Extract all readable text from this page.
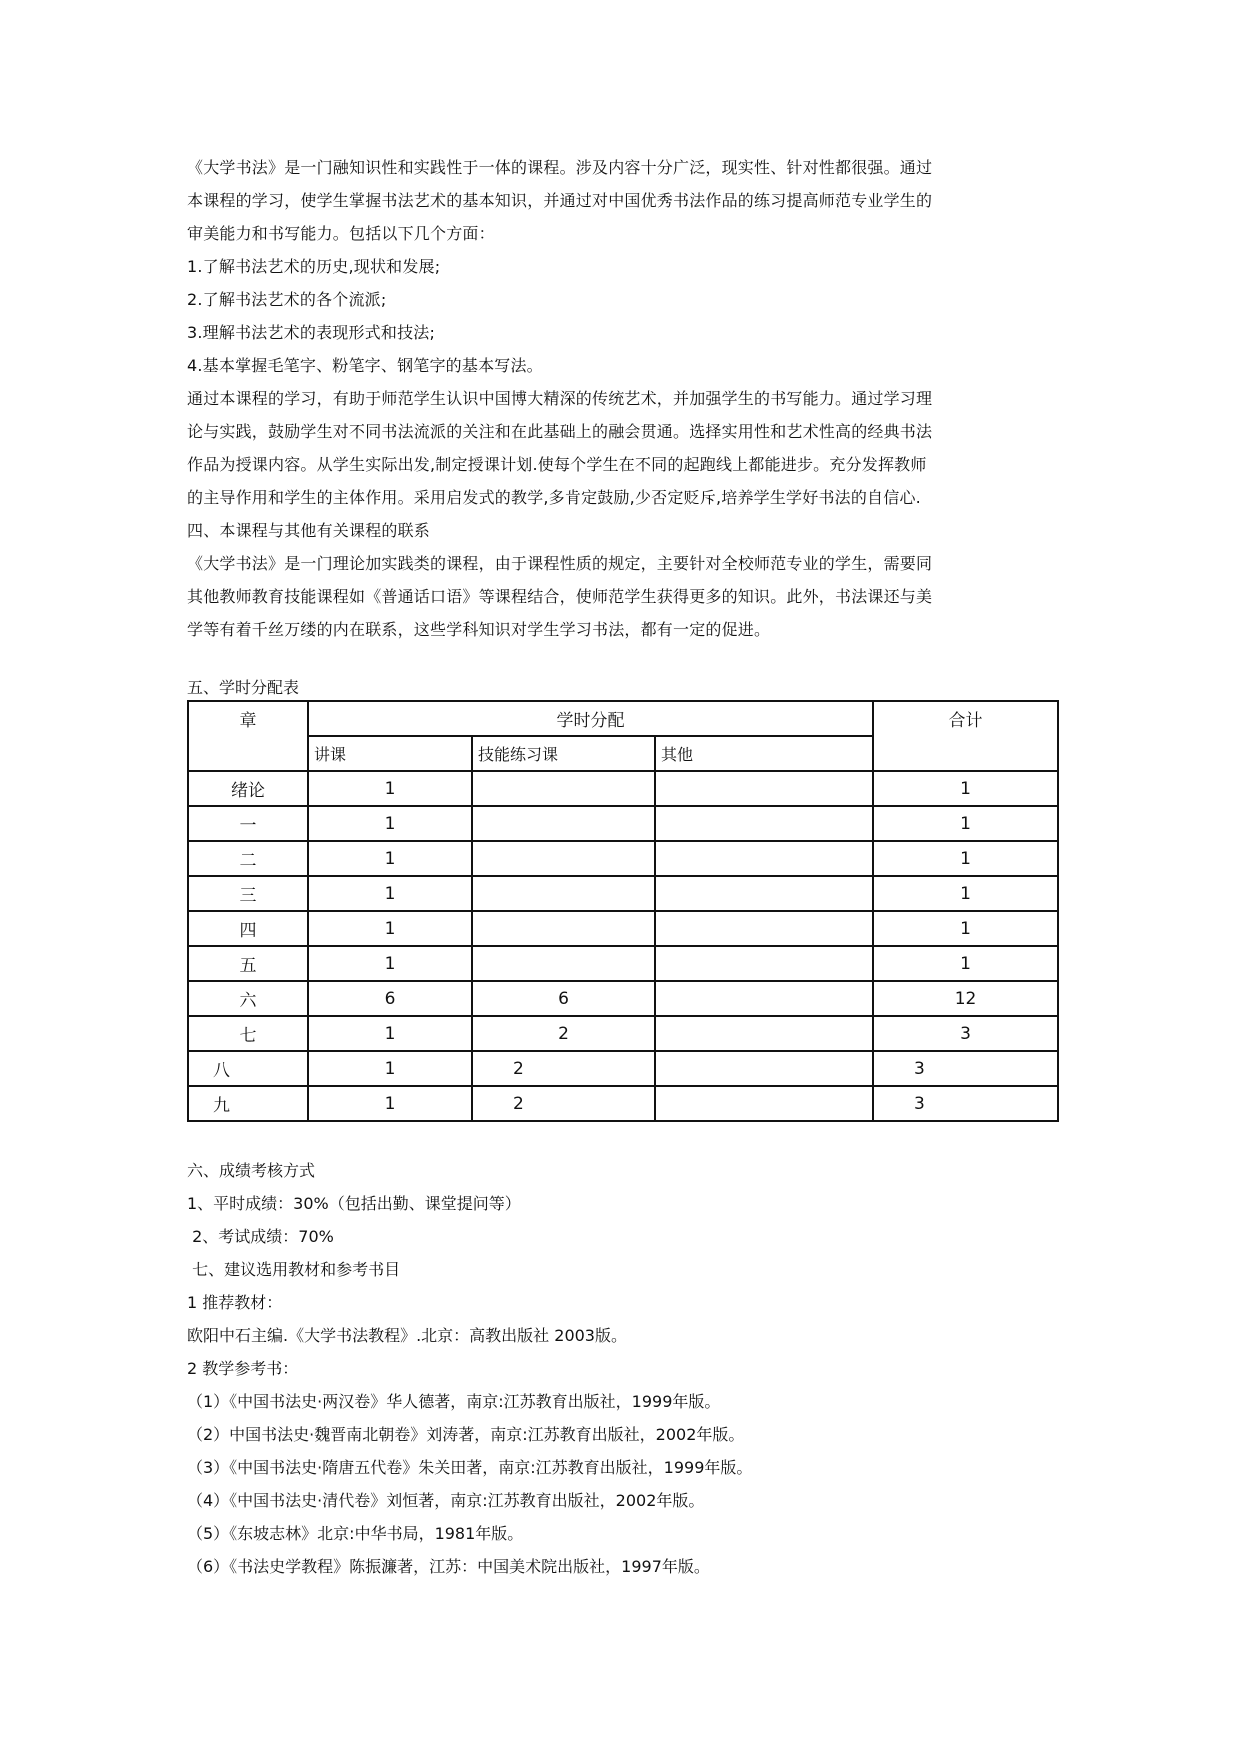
《大学书法》是一门融知识性和实践性于一体的课程。涉及内容十分广泛，现实性、针对性都很强。通过
本课程的学习，使学生掌握书法艺术的基本知识，并通过对中国优秀书法作品的练习提高师范专业学生的
审美能力和书写能力。包括以下几个方面：
1.了解书法艺术的历史,现状和发展;
2.了解书法艺术的各个流派;
3.理解书法艺术的表现形式和技法;
4.基本掌握毛笔字、粉笔字、钢笔字的基本写法。
通过本课程的学习，有助于师范学生认识中国博大精深的传统艺术，并加强学生的书写能力。通过学习理
论与实践，鼓励学生对不同书法流派的关注和在此基础上的融会贯通。选择实用性和艺术性高的经典书法
作品为授课内容。从学生实际出发,制定授课计划.使每个学生在不同的起跑线上都能进步。充分发挥教师
的主导作用和学生的主体作用。采用启发式的教学,多肯定鼓励,少否定贬斥,培养学生学好书法的自信心.
四、本课程与其他有关课程的联系
《大学书法》是一门理论加实践类的课程，由于课程性质的规定，主要针对全校师范专业的学生，需要同
其他教师教育技能课程如《普通话口语》等课程结合，使师范学生获得更多的知识。此外，书法课还与美
学等有着千丝万缕的内在联系，这些学科知识对学生学习书法，都有一定的促进。
五、学时分配表
章	学时分配			合计
	讲课	技能练习课	其他	
绪论	1			1
一	1			1
二	1			1
三	1			1
四	1			1
五	1			1
六	6	6		12
七	1	2		3
八	1	2		3
九	1	2		3
六、成绩考核方式
1、平时成绩：30%（包括出勤、课堂提问等）
2、考试成绩：70%
七、建议选用教材和参考书目
1 推荐教材：
欧阳中石主编.《大学书法教程》.北京：高教出版社 2003版。
2 教学参考书：
（1）《中国书法史·两汉卷》华人德著，南京:江苏教育出版社，1999年版。
（2）中国书法史·魏晋南北朝卷》刘涛著，南京:江苏教育出版社，2002年版。
（3）《中国书法史·隋唐五代卷》朱关田著，南京:江苏教育出版社，1999年版。
（4）《中国书法史·清代卷》刘恒著，南京:江苏教育出版社，2002年版。
（5）《东坡志林》北京:中华书局，1981年版。
（6）《书法史学教程》陈振濂著，江苏：中国美术院出版社，1997年版。
